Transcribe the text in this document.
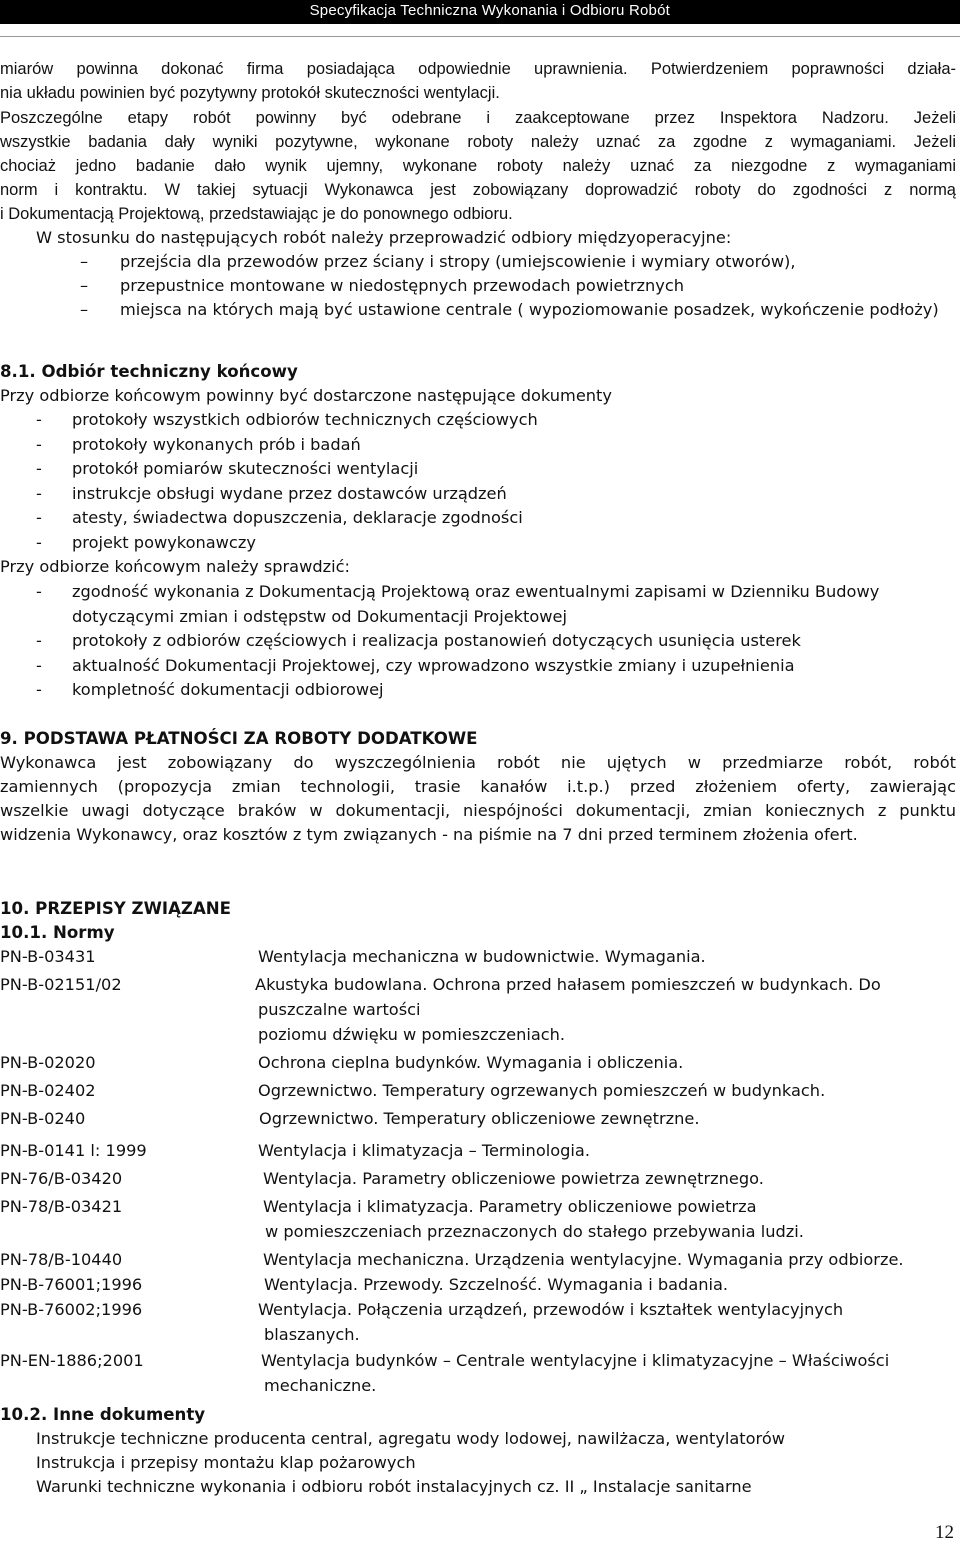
Specyfikacja Techniczna Wykonania i Odbioru Robót
miarów powinna dokonać firma posiadająca odpowiednie uprawnienia. Potwierdzeniem poprawności działa-
nia układu powinien być pozytywny protokół skuteczności wentylacji.
Poszczególne etapy robót powinny być odebrane i zaakceptowane przez Inspektora Nadzoru. Jeżeli
wszystkie badania dały wyniki pozytywne, wykonane roboty należy uznać za zgodne z wymaganiami. Jeżeli
chociaż jedno badanie dało wynik ujemny, wykonane roboty należy uznać za niezgodne z wymaganiami
norm i kontraktu. W takiej sytuacji Wykonawca jest zobowiązany doprowadzić roboty do zgodności z normą
i Dokumentacją Projektową, przedstawiając je do ponownego odbioru.
W stosunku do następujących robót należy przeprowadzić odbiory międzyoperacyjne:
– przejścia dla przewodów przez ściany i stropy (umiejscowienie i wymiary otworów),
– przepustnice montowane w niedostępnych przewodach powietrznych
– miejsca na których mają być ustawione centrale ( wypoziomowanie posadzek, wykończenie podłoży)
8.1. Odbiór techniczny końcowy
Przy odbiorze końcowym powinny być dostarczone następujące dokumenty
- protokoły wszystkich odbiorów technicznych częściowych
- protokoły wykonanych prób i badań
- protokół pomiarów skuteczności wentylacji
- instrukcje obsługi wydane przez dostawców urządzeń
- atesty, świadectwa dopuszczenia, deklaracje zgodności
- projekt powykonawczy
Przy odbiorze końcowym należy sprawdzić:
- zgodność wykonania z Dokumentacją Projektową oraz ewentualnymi zapisami w Dzienniku Budowy dotyczącymi zmian i odstępstw od Dokumentacji Projektowej
- protokoły z odbiorów częściowych i realizacja postanowień dotyczących usunięcia usterek
- aktualność Dokumentacji Projektowej, czy wprowadzono wszystkie zmiany i uzupełnienia
- kompletność dokumentacji odbiorowej
9. PODSTAWA PŁATNOŚCI ZA ROBOTY DODATKOWE
Wykonawca jest zobowiązany do wyszczególnienia robót nie ujętych w przedmiarze robót, robót
zamiennych (propozycja zmian technologii, trasie kanałów i.t.p.) przed złożeniem oferty, zawierając
wszelkie uwagi dotyczące braków w dokumentacji, niespójności dokumentacji, zmian koniecznych z punktu
widzenia Wykonawcy, oraz kosztów z tym związanych - na piśmie na 7 dni przed terminem złożenia ofert.
10. PRZEPISY ZWIĄZANE
10.1. Normy
PN-B-03431	Wentylacja mechaniczna w budownictwie. Wymagania.
PN-B-02151/02	Akustyka budowlana. Ochrona przed hałasem pomieszczeń w budynkach. Do
puszczalne wartości
poziomu dźwięku w pomieszczeniach.
PN-B-02020	Ochrona cieplna budynków. Wymagania i obliczenia.
PN-B-02402	Ogrzewnictwo. Temperatury ogrzewanych pomieszczeń w budynkach.
PN-B-0240	Ogrzewnictwo. Temperatury obliczeniowe zewnętrzne.
PN-B-0141 l: 1999	Wentylacja i klimatyzacja – Terminologia.
PN-76/B-03420	Wentylacja. Parametry obliczeniowe powietrza zewnętrznego.
PN-78/B-03421	Wentylacja i klimatyzacja. Parametry obliczeniowe powietrza
w pomieszczeniach przeznaczonych do stałego przebywania ludzi.
PN-78/B-10440	Wentylacja mechaniczna. Urządzenia wentylacyjne. Wymagania przy odbiorze.
PN-B-76001;1996	Wentylacja. Przewody. Szczelność. Wymagania i badania.
PN-B-76002;1996	Wentylacja. Połączenia urządzeń, przewodów i kształtek wentylacyjnych
blaszanych.
PN-EN-1886;2001	Wentylacja budynków – Centrale wentylacyjne i klimatyzacyjne – Właściwości
mechaniczne.
10.2. Inne dokumenty
Instrukcje techniczne producenta central, agregatu wody lodowej, nawilżacza, wentylatorów
Instrukcja i przepisy montażu klap pożarowych
Warunki techniczne wykonania i odbioru robót instalacyjnych cz. II „ Instalacje sanitarne
12
